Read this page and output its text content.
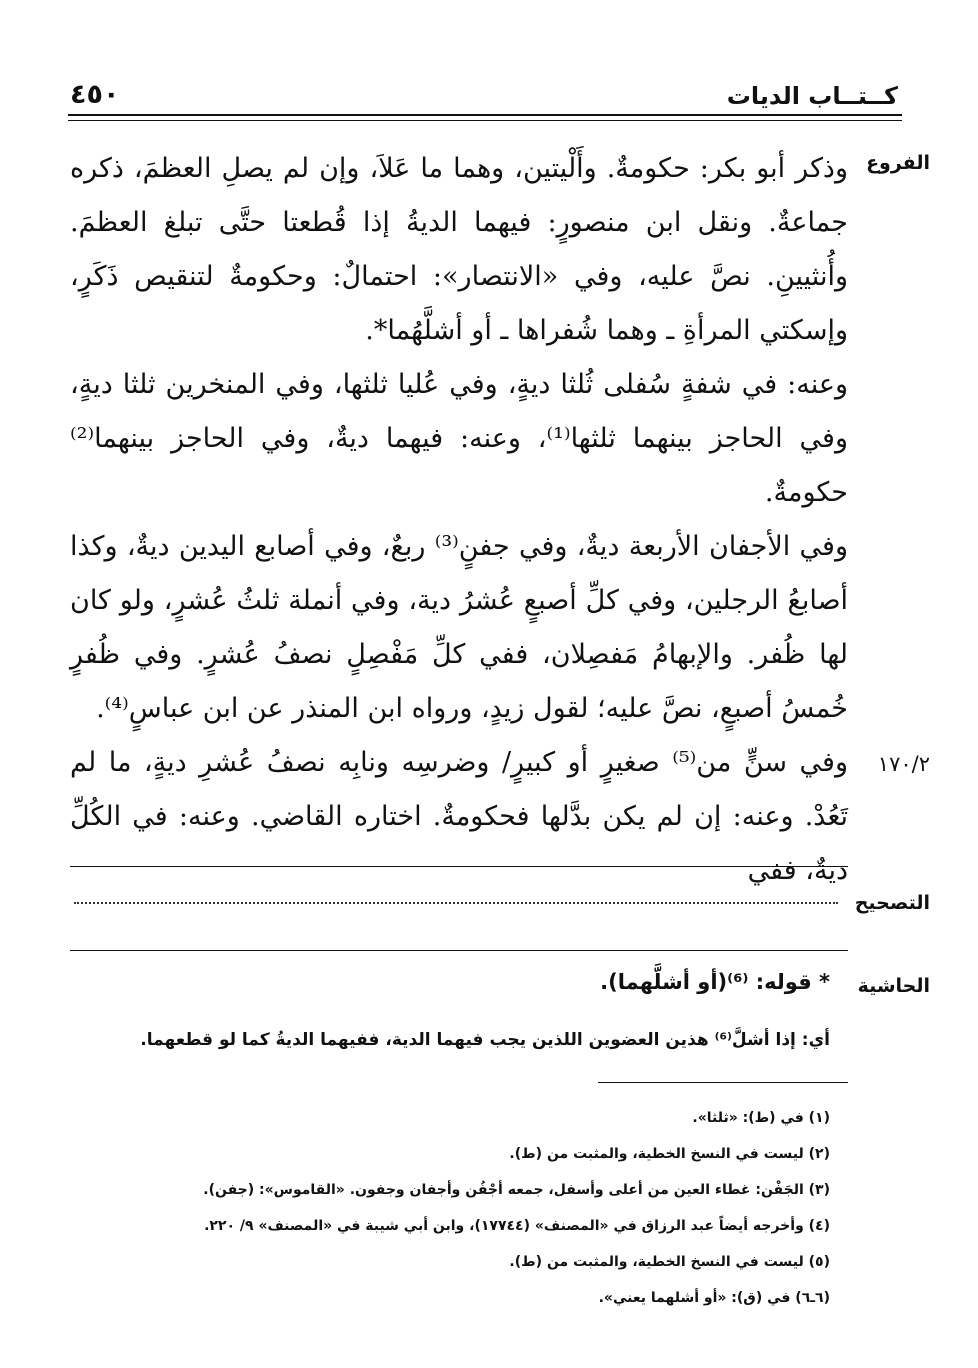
كــتــاب الديات
٤٥٠
الفروع
١٧٠/٢

وذكر أبو بكر: حكومةٌ. وأَلْيتين، وهما ما عَلاَ، وإن لم يصلِ العظمَ، ذكره جماعةٌ. ونقل ابن منصورٍ: فيهما الديةُ إذا قُطعتا حتَّى تبلغ العظمَ. وأُنثيينِ. نصَّ عليه، وفي «الانتصار»: احتمالٌ: وحكومةٌ لتنقيص ذَكَرٍ، وإسكتي المرأةِ ـ وهما شُفراها ـ أو أشلَّهُما*.

وعنه: في شفةٍ سُفلى ثُلثا ديةٍ، وفي عُليا ثلثها، وفي المنخرين ثلثا ديةٍ، وفي الحاجز بينهما ثلثها⁽¹⁾، وعنه: فيهما ديةٌ، وفي الحاجز بينهما⁽²⁾ حكومةٌ.

وفي الأجفان الأربعة ديةٌ، وفي جفنٍ⁽³⁾ ربعٌ، وفي أصابع اليدين ديةٌ، وكذا أصابعُ الرجلين، وفي كلِّ أصبعٍ عُشرُ دية، وفي أنملة ثلثُ عُشرٍ، ولو كان لها ظُفر. والإبهامُ مَفصِلان، ففي كلِّ مَفْصِلٍ نصفُ عُشرٍ. وفي ظُفرٍ خُمسُ أصبعٍ، نصَّ عليه؛ لقول زيدٍ، ورواه ابن المنذر عن ابن عباسٍ⁽⁴⁾.

وفي سنٍّ من⁽⁵⁾ صغيرٍ أو كبيرٍ/ وضرسِه ونابِه نصفُ عُشرِ ديةٍ، ما لم تَعُدْ. وعنه: إن لم يكن بدَّلها فحكومةٌ. اختاره القاضي. وعنه: في الكُلِّ ديةٌ، ففي

التصحيح
الحاشية
* قوله: ⁽⁶⁾(أو أشلَّهما).
أي: إذا أشلَّ⁽⁶⁾ هذين العضوين اللذين يجب فيهما الدية، ففيهما الديةُ كما لو قطعهما.
(١) في (ط): «ثلثا».
(٢) ليست في النسخ الخطية، والمثبت من (ط).
(٣) الجَفْن: غطاء العين من أعلى وأسفل، جمعه أجْفُن وأجفان وجفون. «القاموس»: (جفن).
(٤) وأخرجه أيضاً عبد الرزاق في «المصنف» (١٧٧٤٤)، وابن أبي شيبة في «المصنف» ٩/ ٢٢٠.
(٥) ليست في النسخ الخطية، والمثبت من (ط).
(٦ـ٦) في (ق): «أو أشلهما يعني».
